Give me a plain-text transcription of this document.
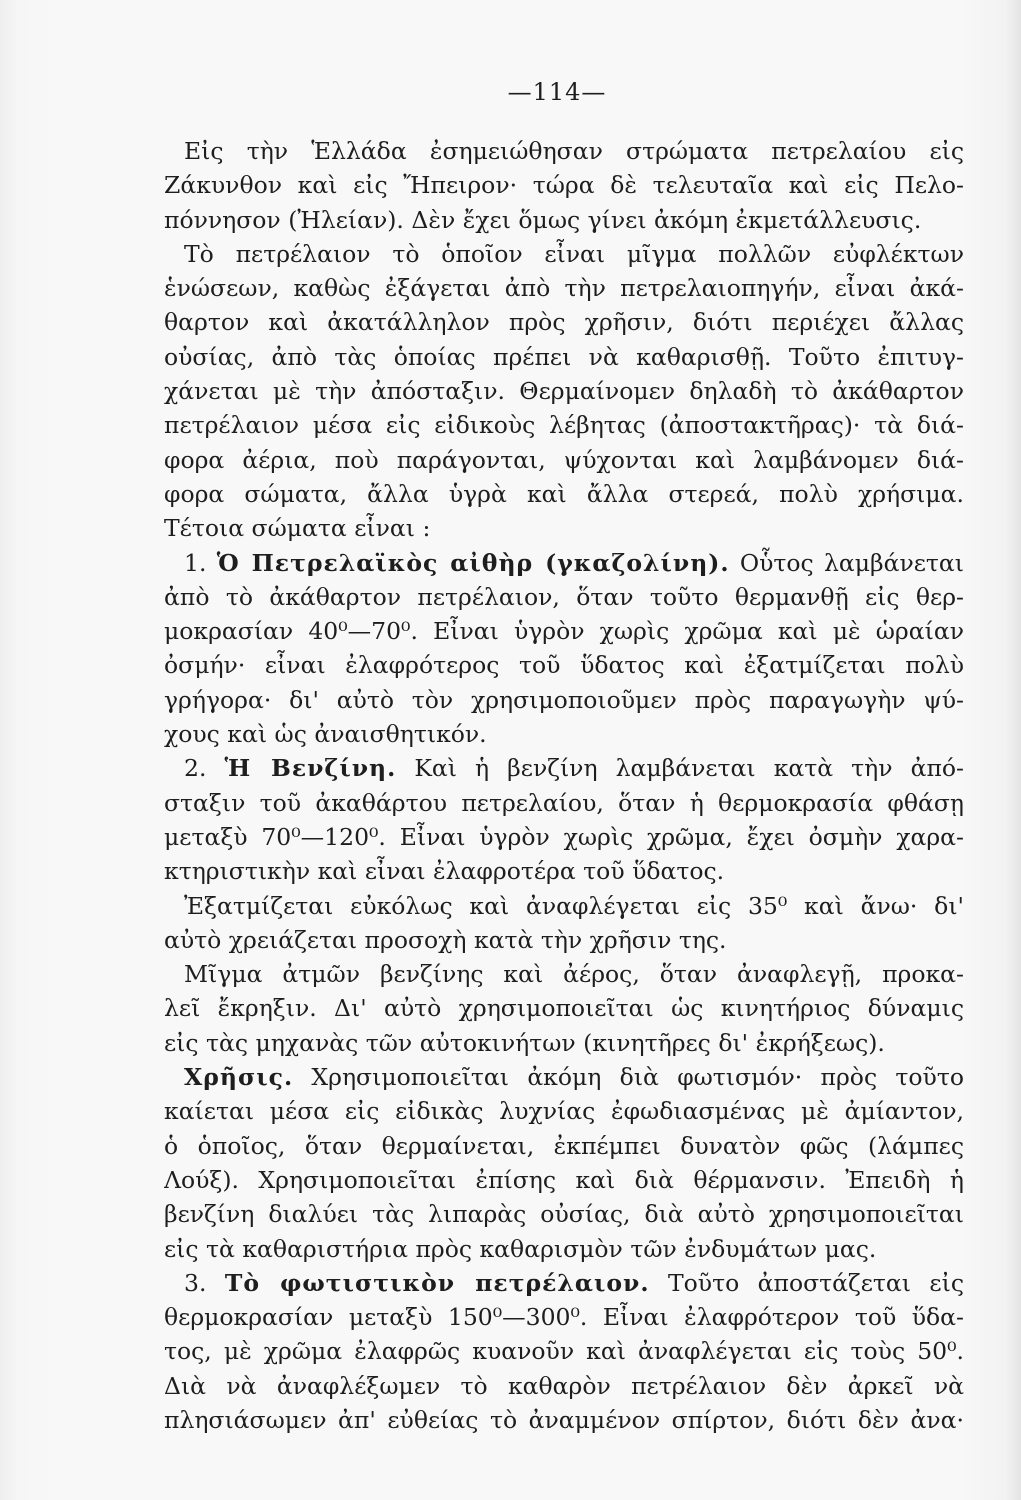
—114—
Εἰς τὴν Ἑλλάδα ἐσημειώθησαν στρώματα πετρελαίου εἰς
Ζάκυνθον καὶ εἰς Ἤπειρον· τώρα δὲ τελευταῖα καὶ εἰς Πελο-
πόννησον (Ἠλείαν). Δὲν ἔχει ὅμως γίνει ἀκόμη ἐκμετάλλευσις.
Τὸ πετρέλαιον τὸ ὁποῖον εἶναι μῖγμα πολλῶν εὐφλέκτων
ἑνώσεων, καθὼς ἐξάγεται ἀπὸ τὴν πετρελαιοπηγήν, εἶναι ἀκά-
θαρτον καὶ ἀκατάλληλον πρὸς χρῆσιν, διότι περιέχει ἄλλας
οὐσίας, ἀπὸ τὰς ὁποίας πρέπει νὰ καθαρισθῇ. Τοῦτο ἐπιτυγ-
χάνεται μὲ τὴν ἀπόσταξιν. Θερμαίνομεν δηλαδὴ τὸ ἀκάθαρτον
πετρέλαιον μέσα εἰς εἰδικοὺς λέβητας (ἀποστακτῆρας)· τὰ διά-
φορα ἀέρια, ποὺ παράγονται, ψύχονται καὶ λαμβάνομεν διά-
φορα σώματα, ἄλλα ὑγρὰ καὶ ἄλλα στερεά, πολὺ χρήσιμα.
Τέτοια σώματα εἶναι :
1. Ὁ Πετρελαϊκὸς αἰθὴρ (γκαζολίνη). Οὗτος λαμβάνεται
ἀπὸ τὸ ἀκάθαρτον πετρέλαιον, ὅταν τοῦτο θερμανθῇ εἰς θερ-
μοκρασίαν 40⁰—70⁰. Εἶναι ὑγρὸν χωρὶς χρῶμα καὶ μὲ ὡραίαν
ὀσμήν· εἶναι ἐλαφρότερος τοῦ ὕδατος καὶ ἐξατμίζεται πολὺ
γρήγορα· δι' αὐτὸ τὸν χρησιμοποιοῦμεν πρὸς παραγωγὴν ψύ-
χους καὶ ὡς ἀναισθητικόν.
2. Ἡ Βενζίνη. Καὶ ἡ βενζίνη λαμβάνεται κατὰ τὴν ἀπό-
σταξιν τοῦ ἀκαθάρτου πετρελαίου, ὅταν ἡ θερμοκρασία φθάσῃ
μεταξὺ 70⁰—120⁰. Εἶναι ὑγρὸν χωρὶς χρῶμα, ἔχει ὀσμὴν χαρα-
κτηριστικὴν καὶ εἶναι ἐλαφροτέρα τοῦ ὕδατος.
Ἐξατμίζεται εὐκόλως καὶ ἀναφλέγεται εἰς 35⁰ καὶ ἄνω· δι'
αὐτὸ χρειάζεται προσοχὴ κατὰ τὴν χρῆσιν της.
Μῖγμα ἀτμῶν βενζίνης καὶ ἀέρος, ὅταν ἀναφλεγῇ, προκα-
λεῖ ἔκρηξιν. Δι' αὐτὸ χρησιμοποιεῖται ὡς κινητήριος δύναμις
εἰς τὰς μηχανὰς τῶν αὐτοκινήτων (κινητῆρες δι' ἐκρήξεως).
Χρῆσις. Χρησιμοποιεῖται ἀκόμη διὰ φωτισμόν· πρὸς τοῦτο
καίεται μέσα εἰς εἰδικὰς λυχνίας ἐφωδιασμένας μὲ ἀμίαντον,
ὁ ὁποῖος, ὅταν θερμαίνεται, ἐκπέμπει δυνατὸν φῶς (λάμπες
Λούξ). Χρησιμοποιεῖται ἐπίσης καὶ διὰ θέρμανσιν. Ἐπειδὴ ἡ
βενζίνη διαλύει τὰς λιπαρὰς οὐσίας, διὰ αὐτὸ χρησιμοποιεῖται
εἰς τὰ καθαριστήρια πρὸς καθαρισμὸν τῶν ἐνδυμάτων μας.
3. Τὸ φωτιστικὸν πετρέλαιον. Τοῦτο ἀποστάζεται εἰς
θερμοκρασίαν μεταξὺ 150⁰—300⁰. Εἶναι ἐλαφρότερον τοῦ ὕδα-
τος, μὲ χρῶμα ἐλαφρῶς κυανοῦν καὶ ἀναφλέγεται εἰς τοὺς 50⁰.
Διὰ νὰ ἀναφλέξωμεν τὸ καθαρὸν πετρέλαιον δὲν ἀρκεῖ νὰ
πλησιάσωμεν ἀπ' εὐθείας τὸ ἀναμμένον σπίρτον, διότι δὲν ἀνα·
